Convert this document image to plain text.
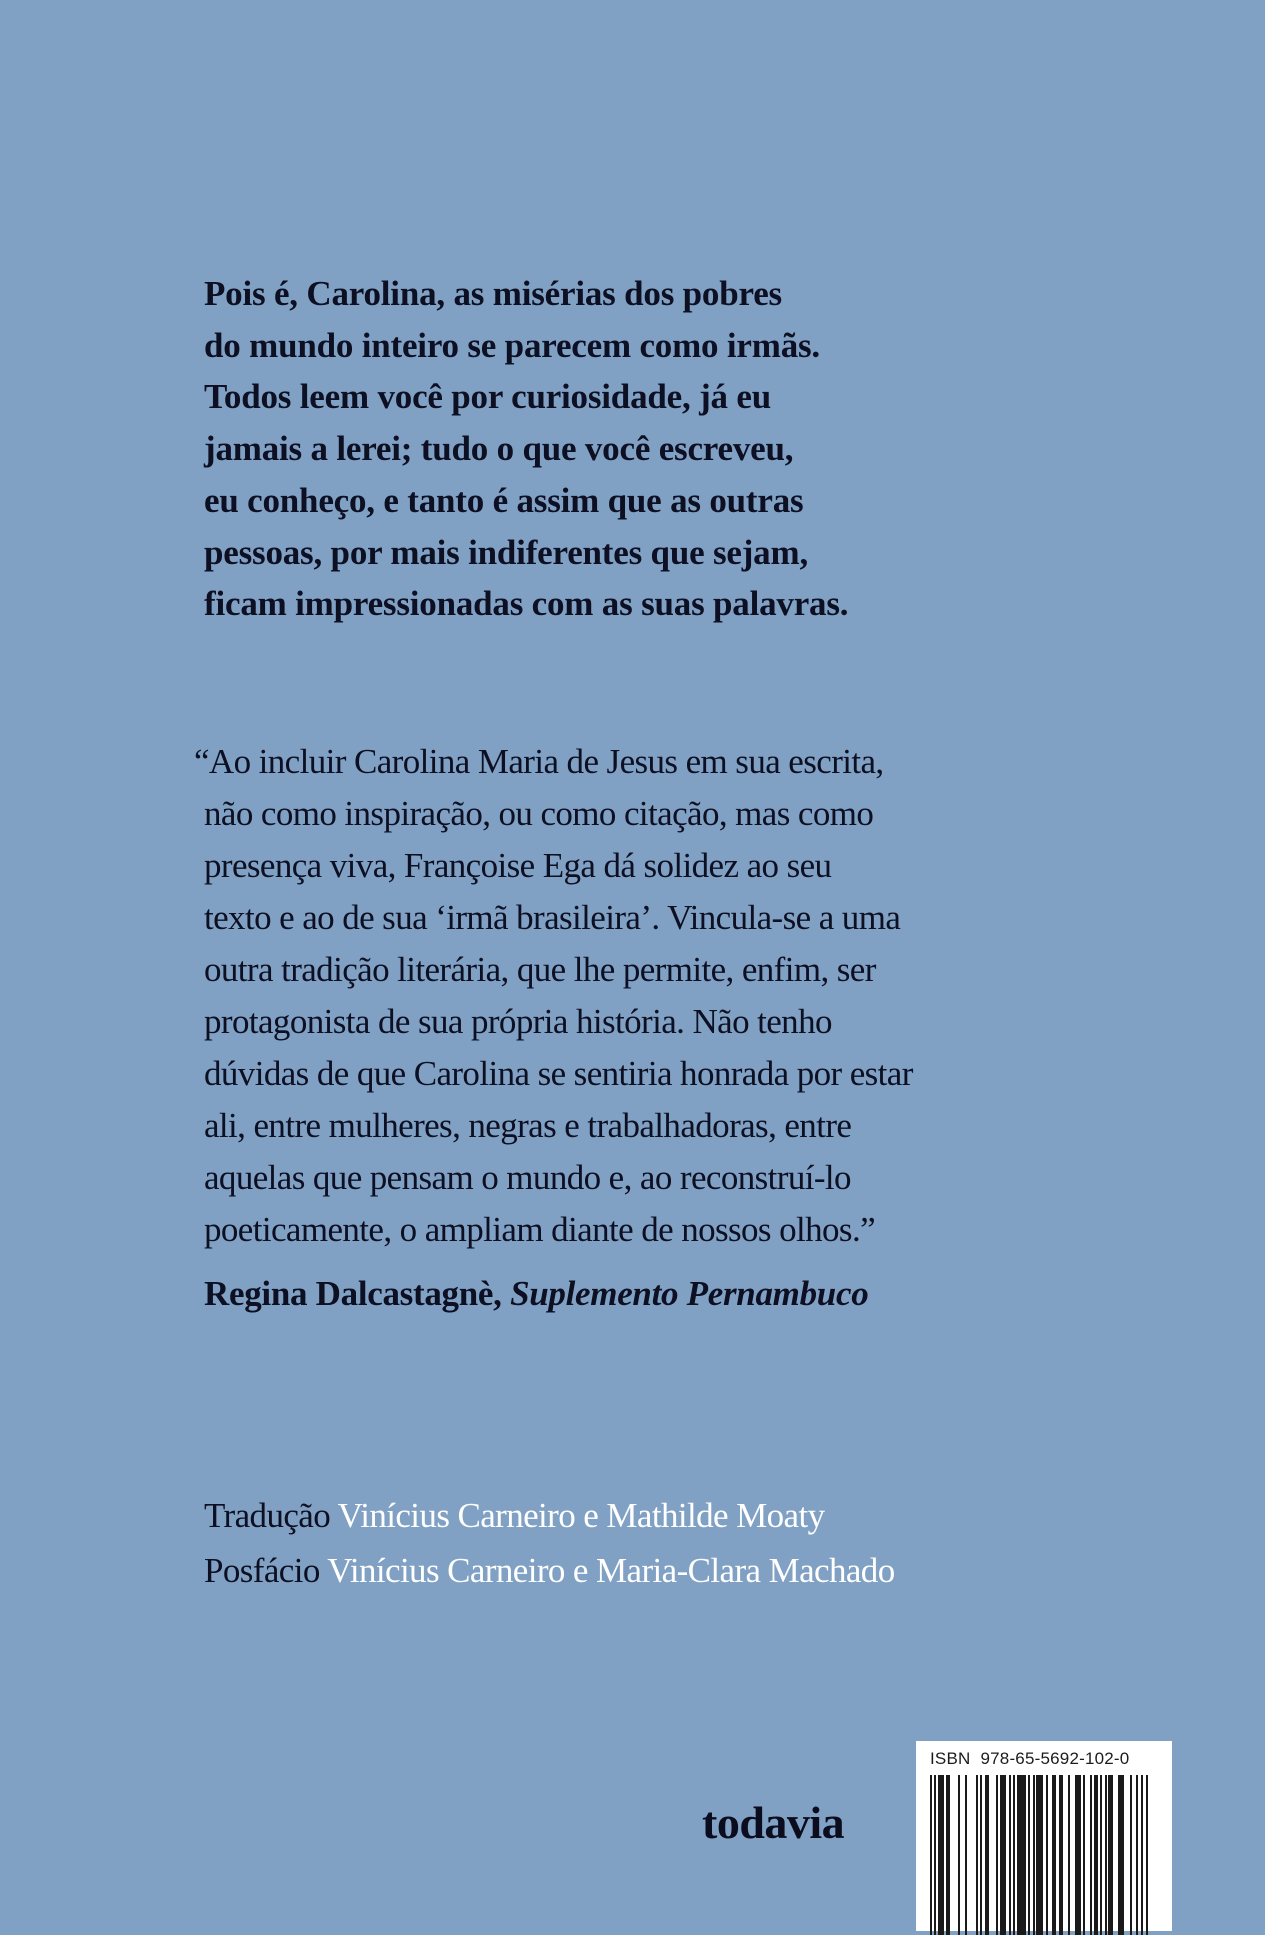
Pois é, Carolina, as misérias dos pobres
do mundo inteiro se parecem como irmãs.
Todos leem você por curiosidade, já eu
jamais a lerei; tudo o que você escreveu,
eu conheço, e tanto é assim que as outras
pessoas, por mais indiferentes que sejam,
ficam impressionadas com as suas palavras.
“Ao incluir Carolina Maria de Jesus em sua escrita,
não como inspiração, ou como citação, mas como
presença viva, Françoise Ega dá solidez ao seu
texto e ao de sua ‘irmã brasileira’. Vincula-se a uma
outra tradição literária, que lhe permite, enfim, ser
protagonista de sua própria história. Não tenho
dúvidas de que Carolina se sentiria honrada por estar
ali, entre mulheres, negras e trabalhadoras, entre
aquelas que pensam o mundo e, ao reconstruí-lo
poeticamente, o ampliam diante de nossos olhos.”
Regina Dalcastagnè, Suplemento Pernambuco
Tradução Vinícius Carneiro e Mathilde Moaty
Posfácio Vinícius Carneiro e Maria-Clara Machado
todavia
ISBN 978-65-5692-102-0
